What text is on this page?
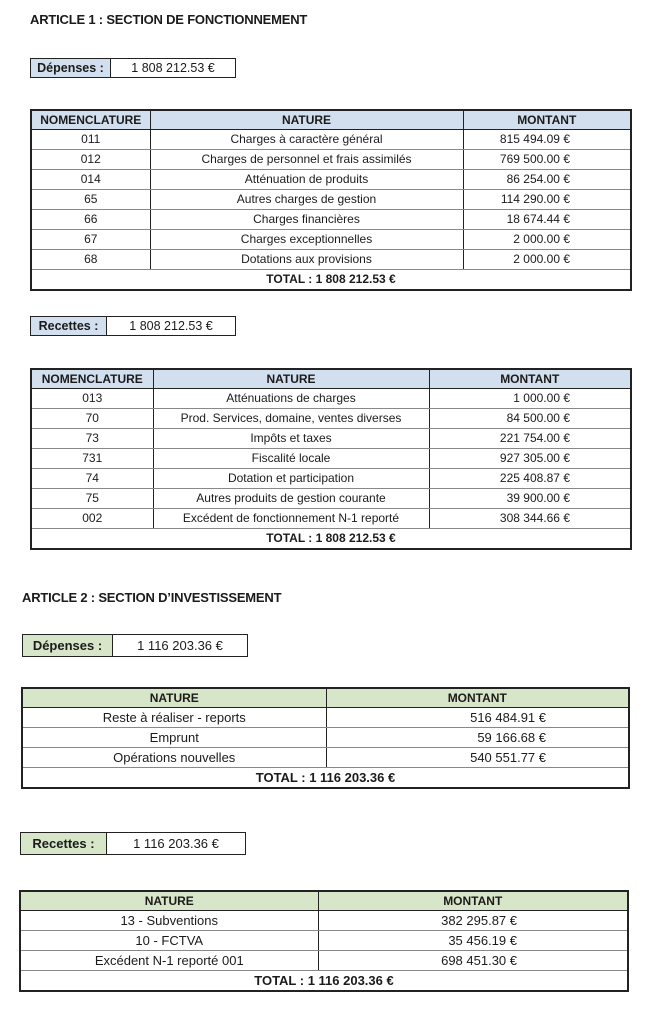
ARTICLE 1 : SECTION DE FONCTIONNEMENT
Dépenses :	1 808 212.53 €
NOMENCLATURE	NATURE	MONTANT
011	Charges à caractère général	815 494.09 €
012	Charges de personnel et frais assimilés	769 500.00 €
014	Atténuation de produits	86 254.00 €
65	Autres charges de gestion	114 290.00 €
66	Charges financières	18 674.44 €
67	Charges exceptionnelles	2 000.00 €
68	Dotations aux provisions	2 000.00 €
TOTAL : 1 808 212.53 €		
Recettes :	1 808 212.53 €
NOMENCLATURE	NATURE	MONTANT
013	Atténuations de charges	1 000.00 €
70	Prod. Services, domaine, ventes diverses	84 500.00 €
73	Impôts et taxes	221 754.00 €
731	Fiscalité locale	927 305.00 €
74	Dotation et participation	225 408.87 €
75	Autres produits de gestion courante	39 900.00 €
002	Excédent de fonctionnement N-1 reporté	308 344.66 €
TOTAL : 1 808 212.53 €		
ARTICLE 2 : SECTION D’INVESTISSEMENT
Dépenses :	1 116 203.36 €
NATURE	MONTANT
Reste à réaliser - reports	516 484.91 €
Emprunt	59 166.68 €
Opérations nouvelles	540 551.77 €
TOTAL : 1 116 203.36 €	
Recettes :	1 116 203.36 €
NATURE	MONTANT
13 - Subventions	382 295.87 €
10 - FCTVA	35 456.19 €
Excédent N-1 reporté 001	698 451.30 €
TOTAL : 1 116 203.36 €	
